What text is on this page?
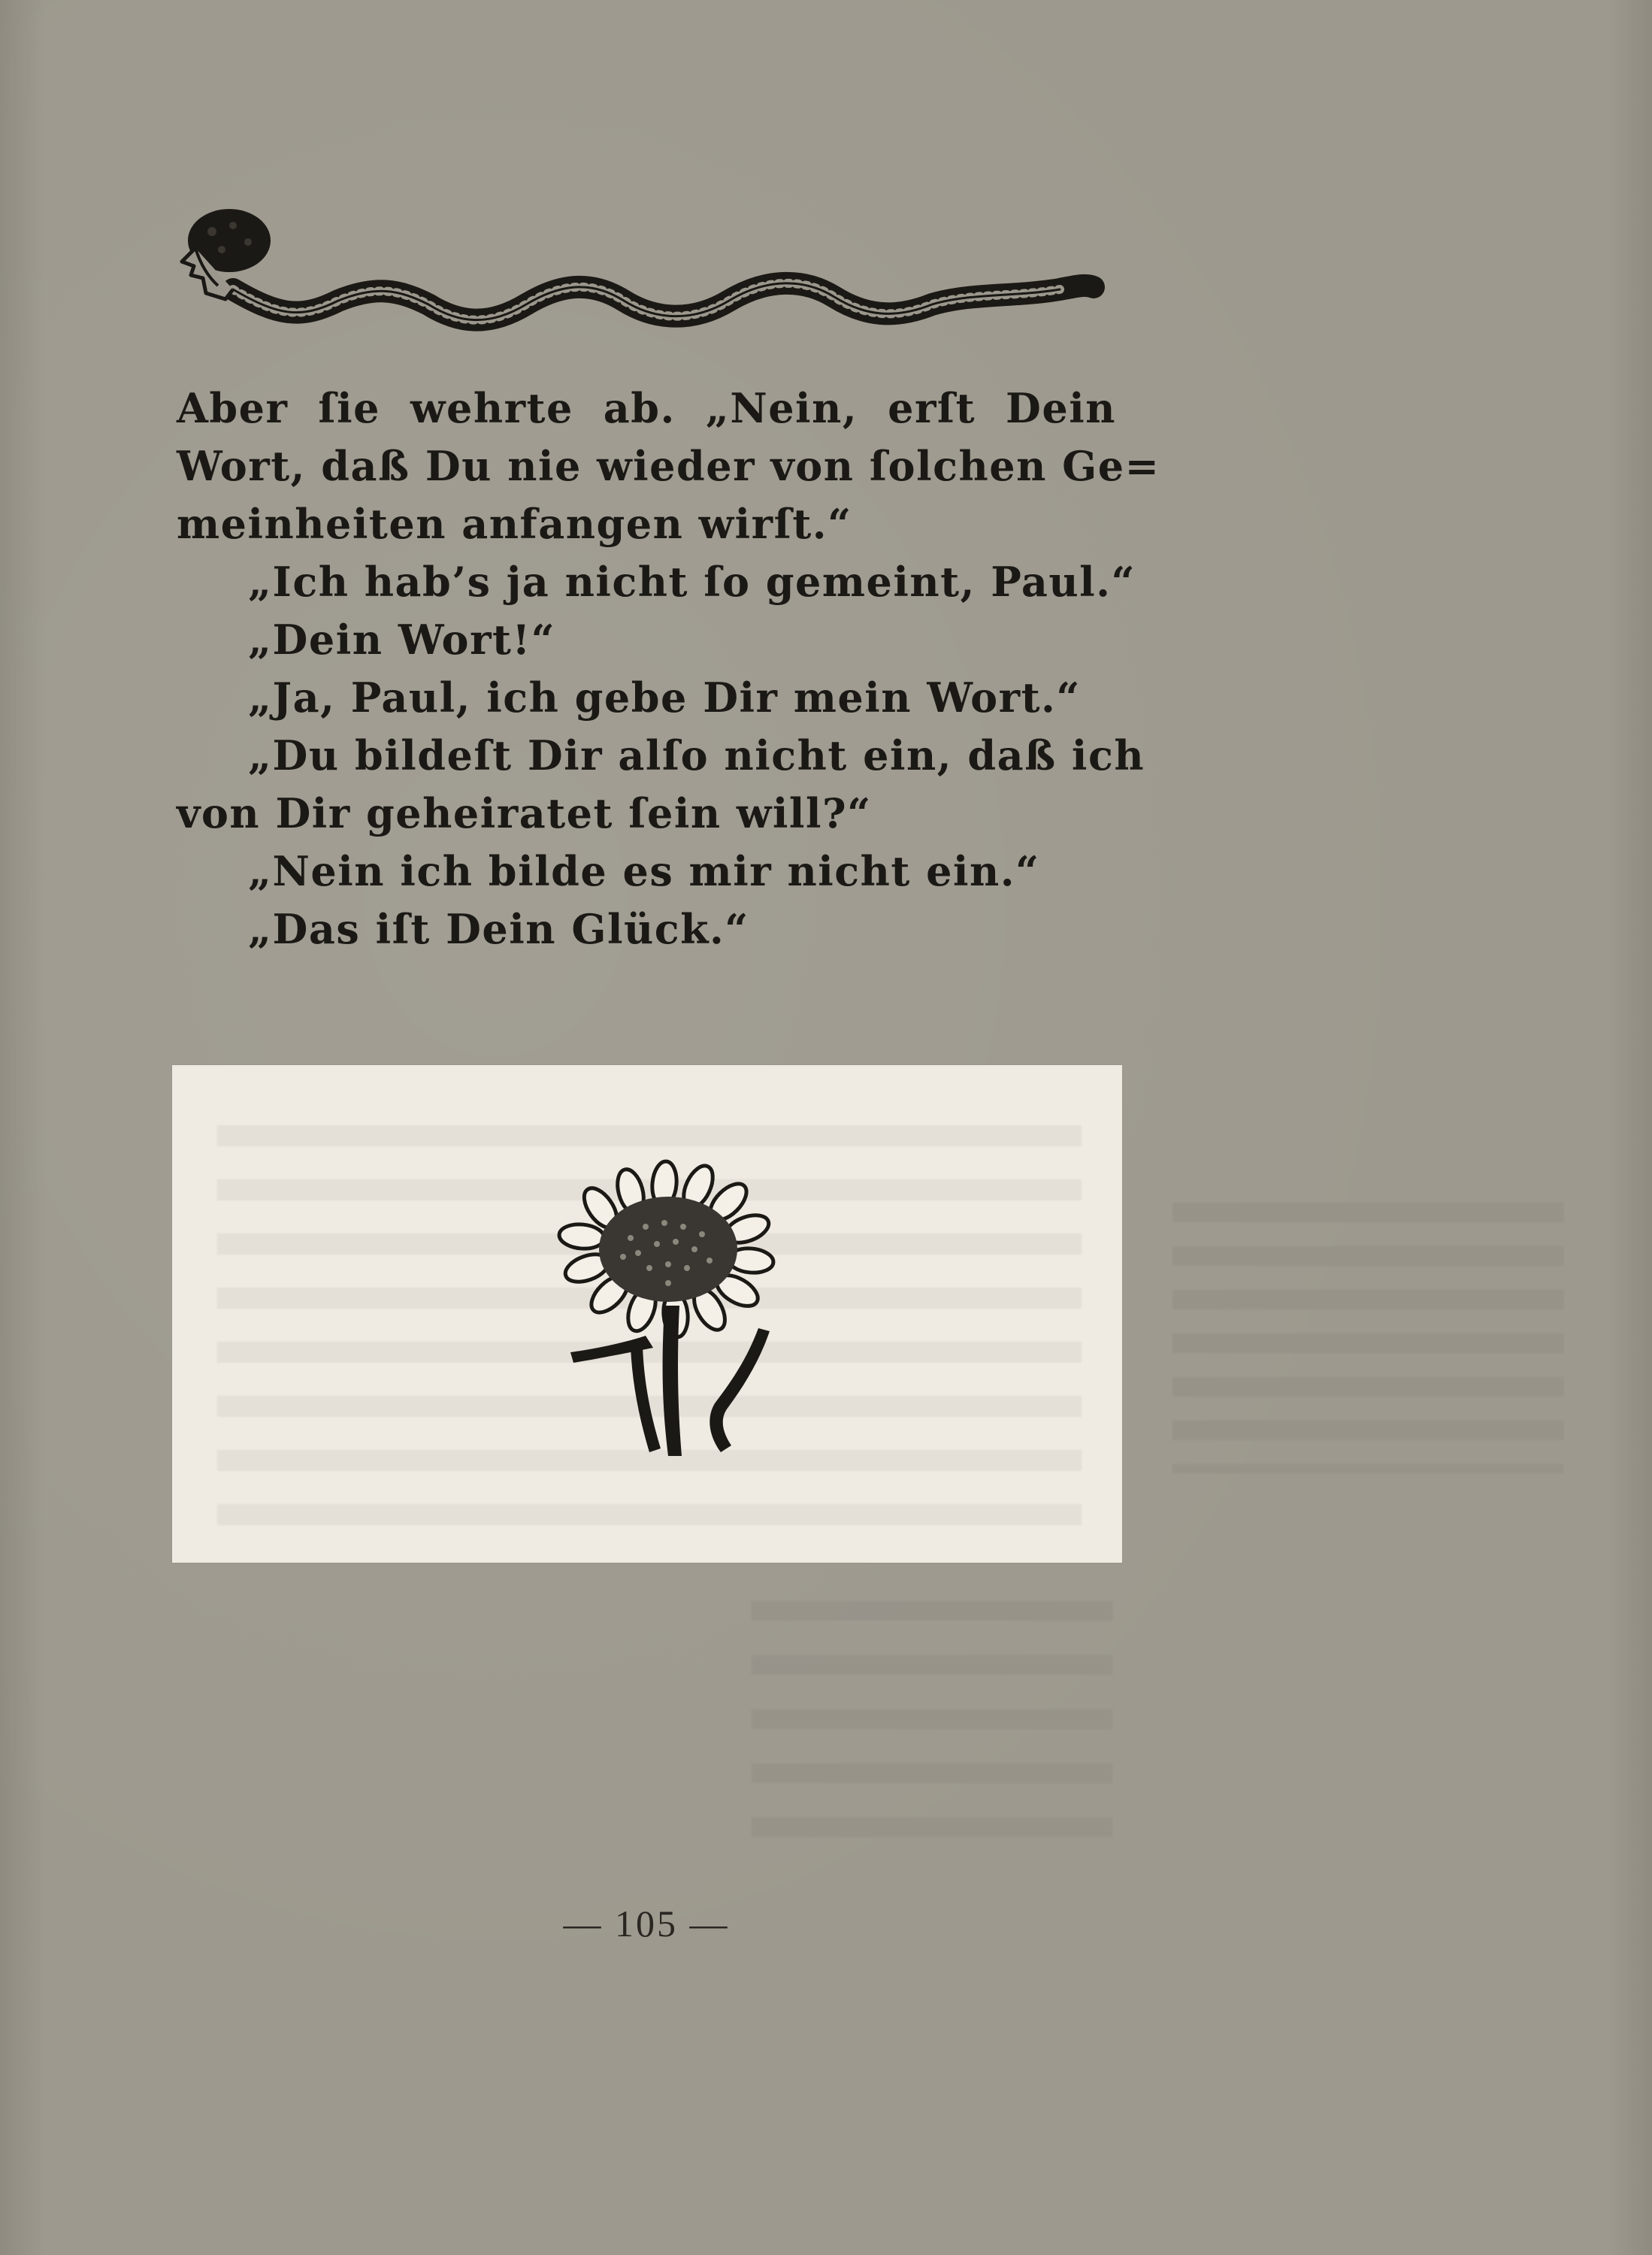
Aber ſie wehrte ab. „Nein, erſt Dein
Wort, daß Du nie wieder von ſolchen Ge=
meinheiten anfangen wirſt.“
„Ich hab’s ja nicht ſo gemeint, Paul.“
„Dein Wort!“
„Ja, Paul, ich gebe Dir mein Wort.“
„Du bildeſt Dir alſo nicht ein, daß ich
von Dir geheiratet ſein will?“
„Nein ich bilde es mir nicht ein.“
„Das iſt Dein Glück.“
— 105 —
